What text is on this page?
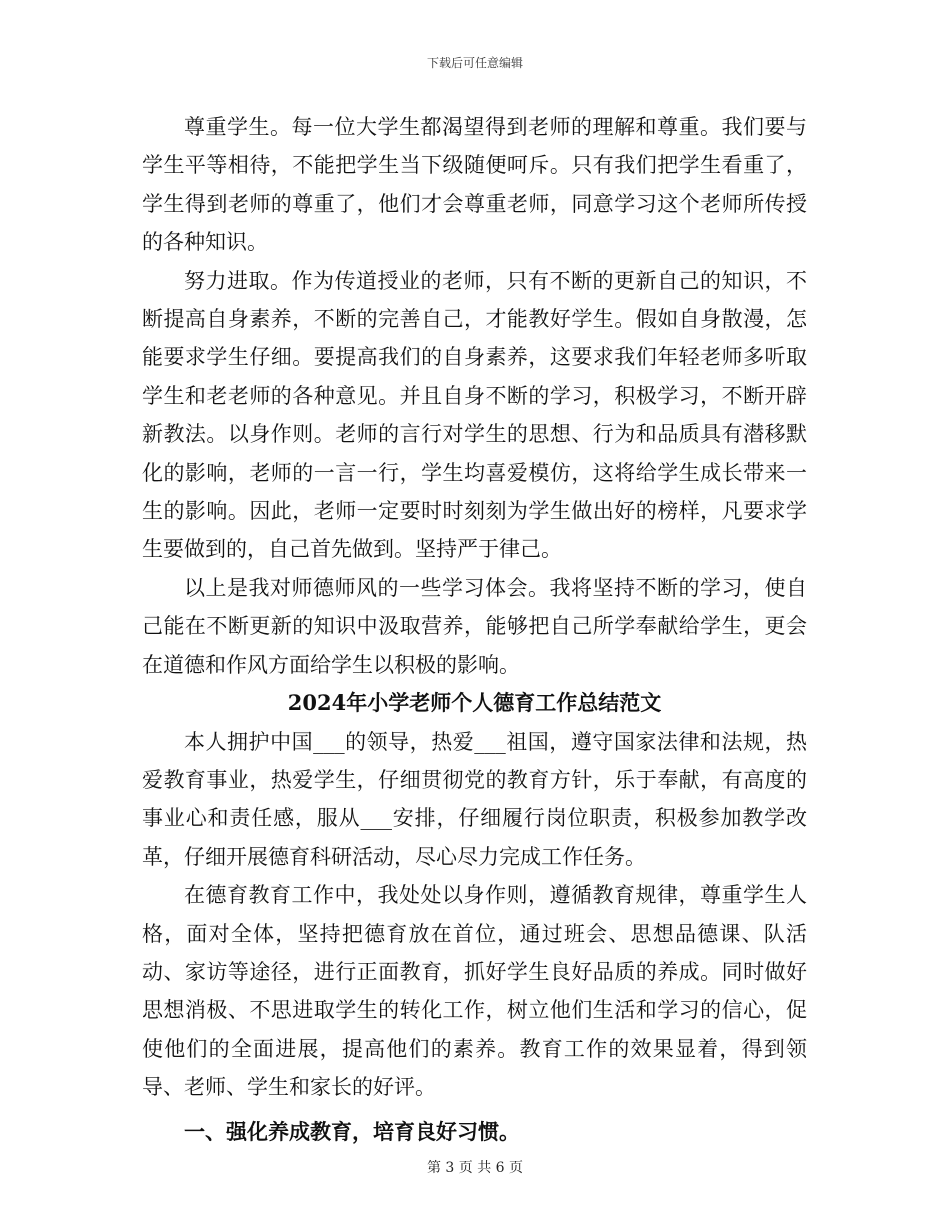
下载后可任意编辑

尊重学生。每一位大学生都渴望得到老师的理解和尊重。我们要与学生平等相待，不能把学生当下级随便呵斥。只有我们把学生看重了，学生得到老师的尊重了，他们才会尊重老师，同意学习这个老师所传授的各种知识。

努力进取。作为传道授业的老师，只有不断的更新自己的知识，不断提高自身素养，不断的完善自己，才能教好学生。假如自身散漫，怎能要求学生仔细。要提高我们的自身素养，这要求我们年轻老师多听取学生和老老师的各种意见。并且自身不断的学习，积极学习，不断开辟新教法。以身作则。老师的言行对学生的思想、行为和品质具有潜移默化的影响，老师的一言一行，学生均喜爱模仿，这将给学生成长带来一生的影响。因此，老师一定要时时刻刻为学生做出好的榜样，凡要求学生要做到的，自己首先做到。坚持严于律己。

以上是我对师德师风的一些学习体会。我将坚持不断的学习，使自己能在不断更新的知识中汲取营养，能够把自己所学奉献给学生，更会在道德和作风方面给学生以积极的影响。

2024年小学老师个人德育工作总结范文

本人拥护中国___的领导，热爱___祖国，遵守国家法律和法规，热爱教育事业，热爱学生，仔细贯彻党的教育方针，乐于奉献，有高度的事业心和责任感，服从___安排，仔细履行岗位职责，积极参加教学改革，仔细开展德育科研活动，尽心尽力完成工作任务。

在德育教育工作中，我处处以身作则，遵循教育规律，尊重学生人格，面对全体，坚持把德育放在首位，通过班会、思想品德课、队活动、家访等途径，进行正面教育，抓好学生良好品质的养成。同时做好思想消极、不思进取学生的转化工作，树立他们生活和学习的信心，促使他们的全面进展，提高他们的素养。教育工作的效果显着，得到领导、老师、学生和家长的好评。

一、强化养成教育，培育良好习惯。
第 3 页 共 6 页
